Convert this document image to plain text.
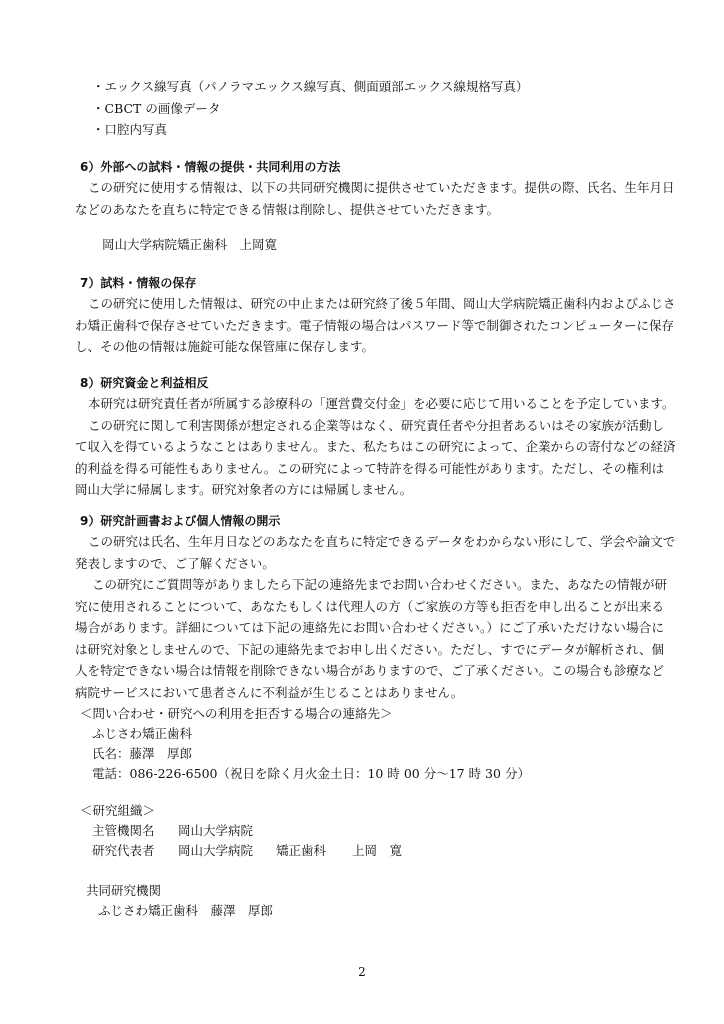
・エックス線写真（パノラマエックス線写真、側面頭部エックス線規格写真）
・CBCT の画像データ
・口腔内写真
6）外部への試料・情報の提供・共同利用の方法
この研究に使用する情報は、以下の共同研究機関に提供させていただきます。提供の際、氏名、生年月日
などのあなたを直ちに特定できる情報は削除し、提供させていただきます。
岡山大学病院矯正歯科　上岡寛
7）試料・情報の保存
この研究に使用した情報は、研究の中止または研究終了後５年間、岡山大学病院矯正歯科内およびふじさ
わ矯正歯科で保存させていただきます。電子情報の場合はパスワード等で制御されたコンピューターに保存
し、その他の情報は施錠可能な保管庫に保存します。
8）研究資金と利益相反
本研究は研究責任者が所属する診療科の「運営費交付金」を必要に応じて用いることを予定しています。
この研究に関して利害関係が想定される企業等はなく、研究責任者や分担者あるいはその家族が活動し
て収入を得ているようなことはありません。また、私たちはこの研究によって、企業からの寄付などの経済
的利益を得る可能性もありません。この研究によって特許を得る可能性があります。ただし、その権利は
岡山大学に帰属します。研究対象者の方には帰属しません。
9）研究計画書および個人情報の開示
この研究は氏名、生年月日などのあなたを直ちに特定できるデータをわからない形にして、学会や論文で
発表しますので、ご了解ください。
この研究にご質問等がありましたら下記の連絡先までお問い合わせください。また、あなたの情報が研
究に使用されることについて、あなたもしくは代理人の方（ご家族の方等も拒否を申し出ることが出来る
場合があります。詳細については下記の連絡先にお問い合わせください。）にご了承いただけない場合に
は研究対象としませんので、下記の連絡先までお申し出ください。ただし、すでにデータが解析され、個
人を特定できない場合は情報を削除できない場合がありますので、ご了承ください。この場合も診療など
病院サービスにおいて患者さんに不利益が生じることはありません。
＜問い合わせ・研究への利用を拒否する場合の連絡先＞
ふじさわ矯正歯科
氏名：藤澤　厚郎
電話：086-226-6500（祝日を除く月火金土日：10 時 00 分～17 時 30 分）
＜研究組織＞
主管機関名 岡山大学病院
研究代表者 岡山大学病院 矯正歯科 上岡　寛
共同研究機関
ふじさわ矯正歯科　藤澤　厚郎
2
